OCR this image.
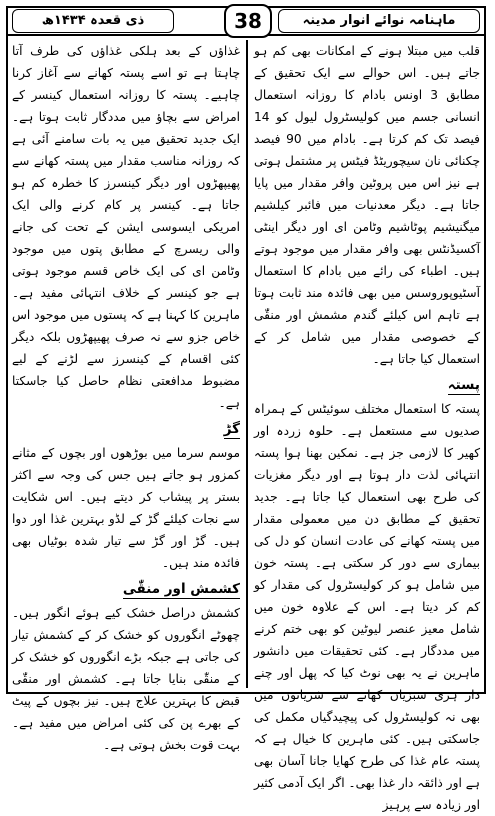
ذی قعدہ ۱۴۳۴ھ	38	ماہنامہ نوائے انوار مدینہ

قلب میں مبتلا ہونے کے امکانات بھی کم ہو جاتے ہیں۔ اس حوالے سے ایک تحقیق کے مطابق 3 اونس بادام کا روزانہ استعمال انسانی جسم میں کولیسٹرول لیول کو 14 فیصد تک کم کرتا ہے۔ بادام میں 90 فیصد چکنائی نان سیچوریٹڈ فیٹس پر مشتمل ہوتی ہے نیز اس میں پروٹین وافر مقدار میں پایا جاتا ہے۔ دیگر معدنیات میں فائبر کیلشیم میگنیشیم پوٹاشیم وٹامن ای اور دیگر اینٹی آکسیڈنٹس بھی وافر مقدار میں موجود ہوتے ہیں۔ اطباء کی رائے میں بادام کا استعمال آسٹیوپوروسس میں بھی فائدہ مند ثابت ہوتا ہے تاہم اس کیلئے گندم مشمش اور منقّٰی کے خصوصی مقدار میں شامل کر کے استعمال کیا جاتا ہے۔

پستہ

پستہ کا استعمال مختلف سوئیٹس کے ہمراہ صدیوں سے مستعمل ہے۔ حلوہ زردہ اور کھیر کا لازمی جز ہے۔ نمکین بھنا ہوا پستہ انتہائی لذت دار ہوتا ہے اور دیگر مغزیات کی طرح بھی استعمال کیا جاتا ہے۔ جدید تحقیق کے مطابق دن میں معمولی مقدار میں پستہ کھانے کی عادت انسان کو دل کی بیماری سے دور کر سکتی ہے۔ پستہ خون میں شامل ہو کر کولیسٹرول کی مقدار کو کم کر دیتا ہے۔ اس کے علاوہ خون میں شامل معیز عنصر لیوٹین کو بھی ختم کرنے میں مددگار ہے۔ کئی تحقیقات میں دانشور ماہرین نے یہ بھی نوٹ کیا کہ پھل اور چنے دار ہری سبزیاں کھانے سے شریانوں میں بھی نہ کولیسٹرول کی پیچیدگیاں مکمل کی جاسکتی ہیں۔ کئی ماہرین کا خیال ہے کہ پستہ عام غذا کی طرح کھایا جانا آسان بھی ہے اور ذائقہ دار غذا بھی۔ اگر ایک آدمی کثیر اور زیادہ سے پرہیز

غذاؤں کے بعد ہلکی غذاؤں کی طرف آتا چاہتا ہے تو اسے پستہ کھانے سے آغاز کرنا چاہیے۔ پستہ کا روزانہ استعمال کینسر کے امراض سے بچاؤ میں مددگار ثابت ہوتا ہے۔ ایک جدید تحقیق میں یہ بات سامنے آئی ہے کہ روزانہ مناسب مقدار میں پستہ کھانے سے پھیپھڑوں اور دیگر کینسرز کا خطرہ کم ہو جاتا ہے۔ کینسر پر کام کرنے والی ایک امریکی ایسوسی ایشن کے تحت کی جانے والی ریسرچ کے مطابق پتوں میں موجود وٹامن ای کی ایک خاص قسم موجود ہوتی ہے جو کینسر کے خلاف انتہائی مفید ہے۔ ماہرین کا کہنا ہے کہ پستوں میں موجود اس خاص جزو سے نہ صرف پھیپھڑوں بلکہ دیگر کئی اقسام کے کینسرز سے لڑنے کے لیے مضبوط مدافعتی نظام حاصل کیا جاسکتا ہے۔

گڑ

موسم سرما میں بوڑھوں اور بچوں کے مثانے کمزور ہو جاتے ہیں جس کی وجہ سے اکثر بستر پر پیشاب کر دیتے ہیں۔ اس شکایت سے نجات کیلئے گڑ کے لڈو بہترین غذا اور دوا ہیں۔ گڑ اور گڑ سے تیار شدہ بوٹیاں بھی فائدہ مند ہیں۔

کشمش اور منقّٰی

کشمش دراصل خشک کیے ہوئے انگور ہیں۔ چھوٹے انگوروں کو خشک کر کے کشمش تیار کی جاتی ہے جبکہ بڑے انگوروں کو خشک کر کے منقّٰی بنایا جاتا ہے۔ کشمش اور منقّٰی قبض کا بہترین علاج ہیں۔ نیز بچوں کے پیٹ کے بھرے پن کی کئی امراض میں مفید ہے۔ بہت قوت بخش ہوتی ہے۔
